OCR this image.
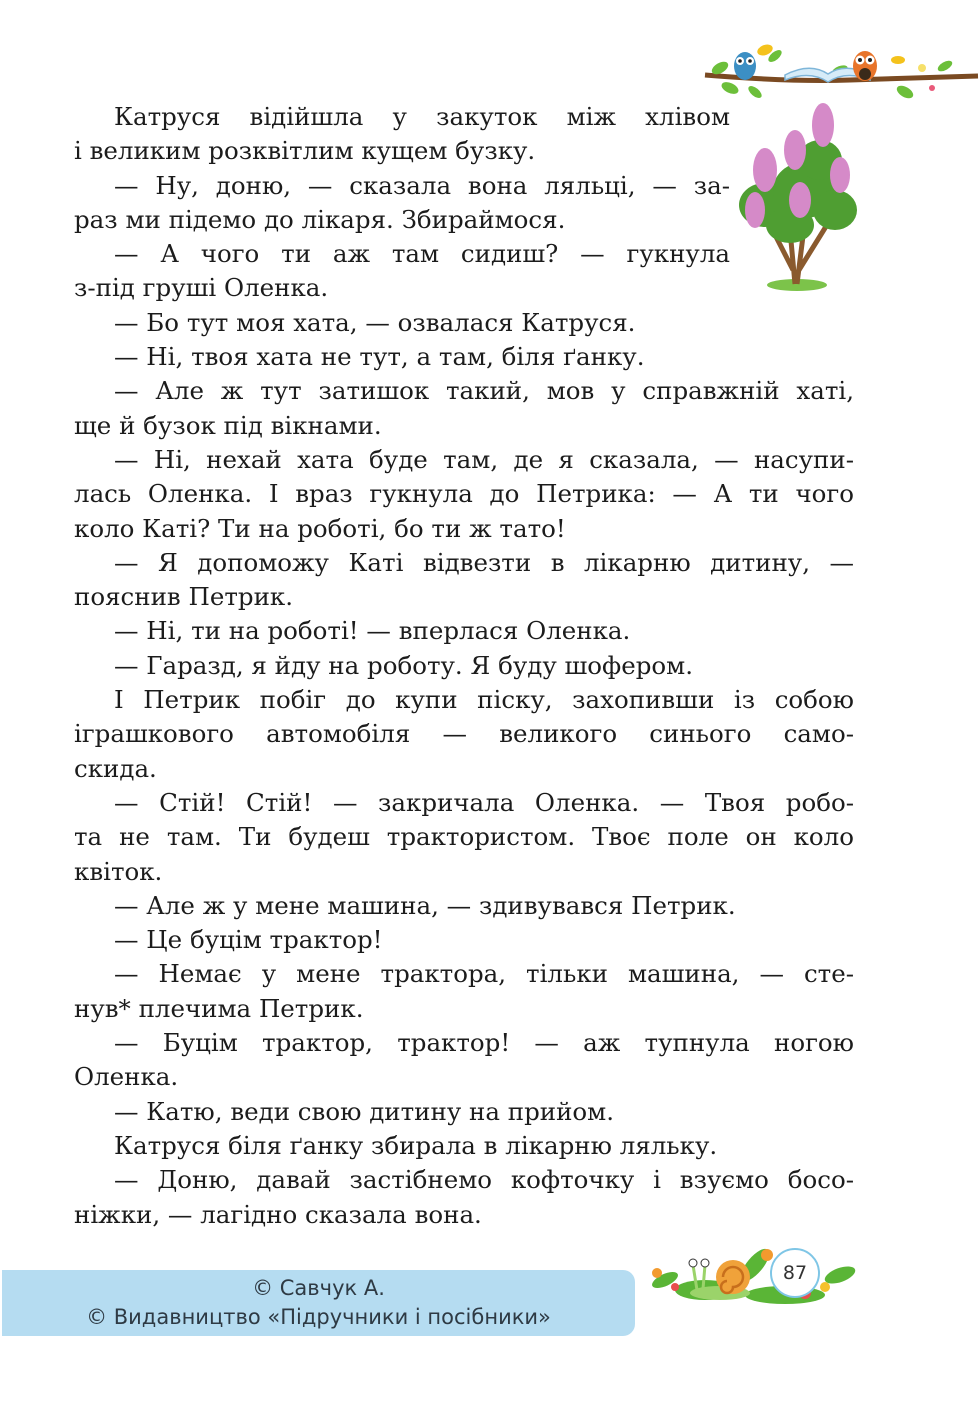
87

Катруся відійшла у закуток між хлівом

і великим розквітлим кущем бузку.

— Ну, доню, — сказала вона ляльці, — за-

раз ми підемо до лікаря. Збираймося.

— А чого ти аж там сидиш? — гукнула

з-під груші Оленка.

— Бо тут моя хата, — озвалася Катруся.

— Ні, твоя хата не тут, а там, біля ґанку.

— Але ж тут затишок такий, мов у справжній хаті,

ще й бузок під вікнами.

— Ні, нехай хата буде там, де я сказала, — насупи-

лась Оленка. І враз гукнула до Петрика: — А ти чого

коло Каті? Ти на роботі, бо ти ж тато!

— Я допоможу Каті відвезти в лікарню дитину, —

пояснив Петрик.

— Ні, ти на роботі! — вперлася Оленка.

— Гаразд, я йду на роботу. Я буду шофером.

І Петрик побіг до купи піску, захопивши із собою

іграшкового автомобіля — великого синього само-

скида.

— Стій! Стій! — закричала Оленка. — Твоя робо-

та не там. Ти будеш трактористом. Твоє поле он коло

квіток.

— Але ж у мене машина, — здивувався Петрик.

— Це буцім трактор!

— Немає у мене трактора, тільки машина, — сте-

нув* плечима Петрик.

— Буцім трактор, трактор! — аж тупнула ногою

Оленка.

— Катю, веди свою дитину на прийом.

Катруся біля ґанку збирала в лікарню ляльку.

— Доню, давай застібнемо кофточку і взуємо босо-

ніжки, — лагідно сказала вона.

© Савчук А.
© Видавництво «Підручники і посібники»
